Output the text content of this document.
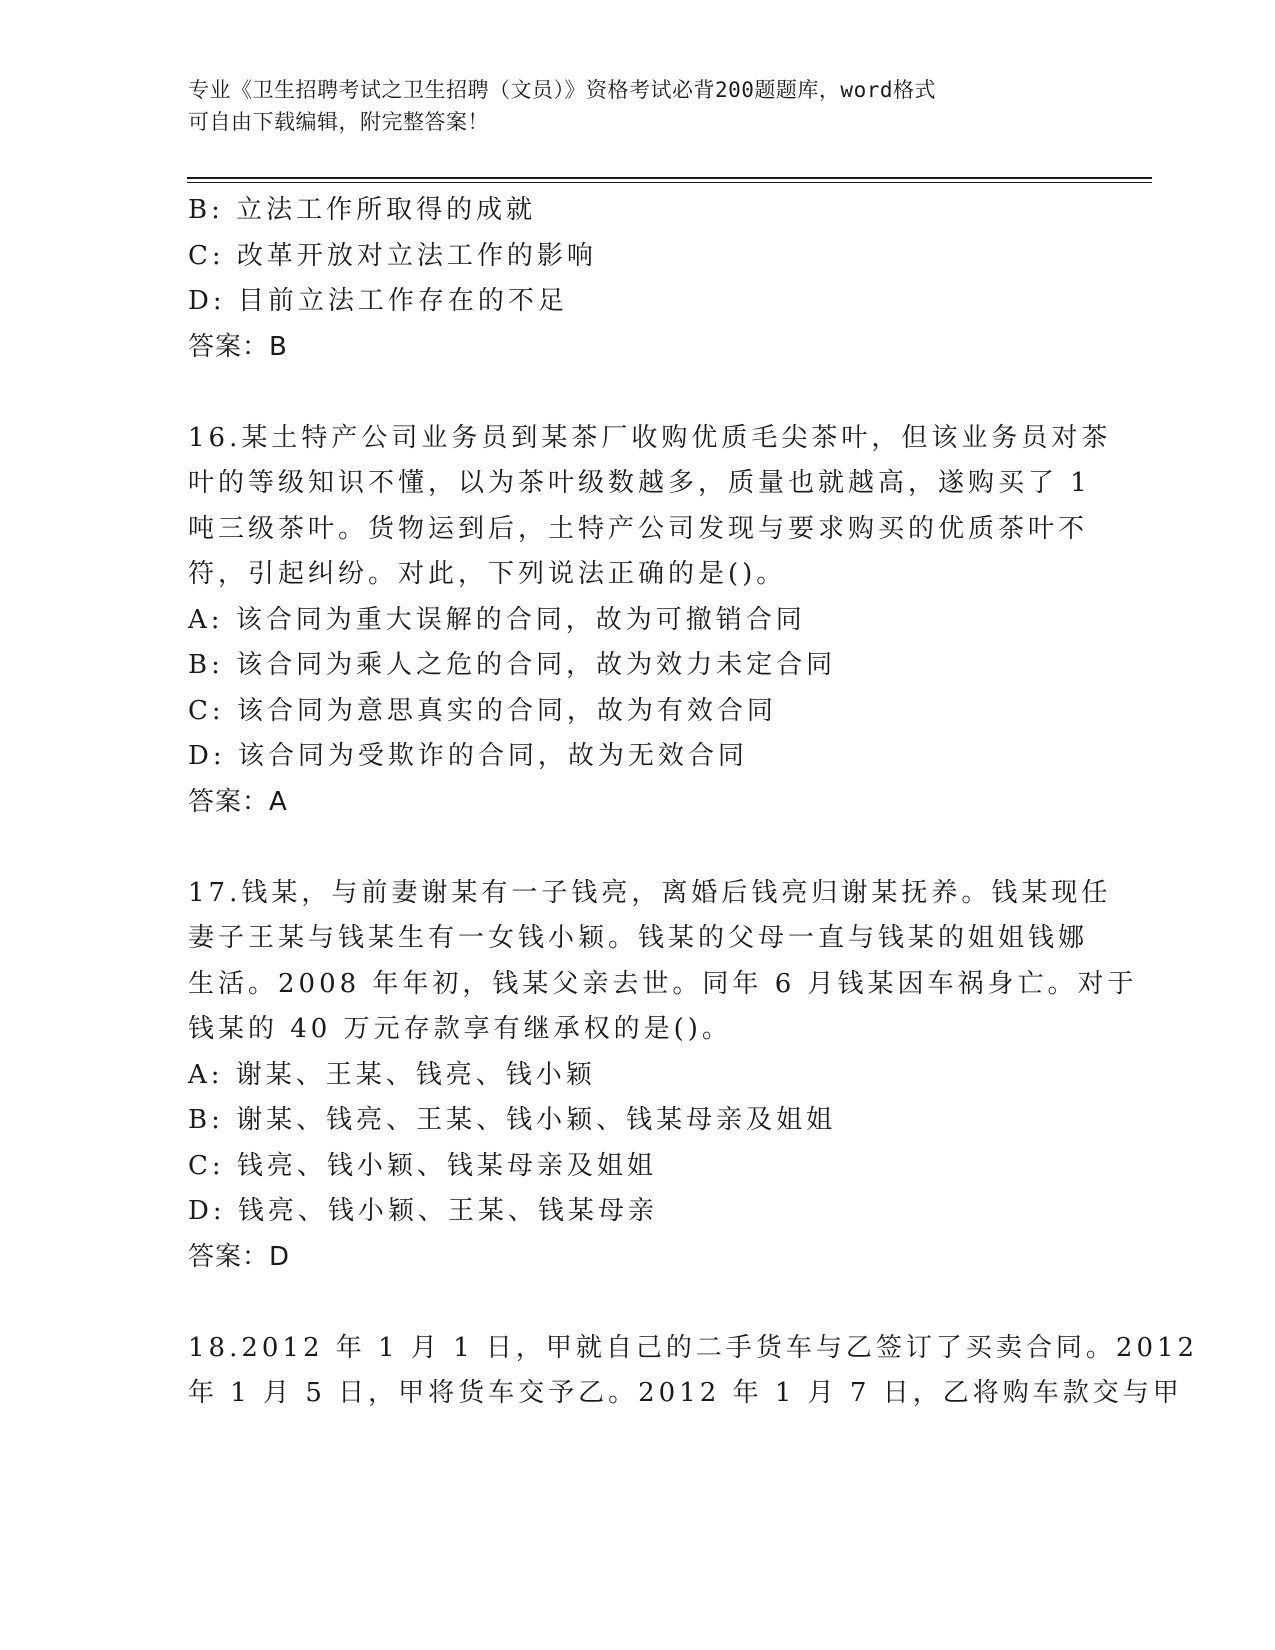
专业《卫生招聘考试之卫生招聘（文员）》资格考试必背200题题库，word格式
可自由下载编辑，附完整答案！
B: 立法工作所取得的成就
C: 改革开放对立法工作的影响
D: 目前立法工作存在的不足
答案：B
16.某土特产公司业务员到某茶厂收购优质毛尖茶叶，但该业务员对茶
叶的等级知识不懂，以为茶叶级数越多，质量也就越高，遂购买了 1
吨三级茶叶。货物运到后，土特产公司发现与要求购买的优质茶叶不
符，引起纠纷。对此，下列说法正确的是()。
A: 该合同为重大误解的合同，故为可撤销合同
B: 该合同为乘人之危的合同，故为效力未定合同
C: 该合同为意思真实的合同，故为有效合同
D: 该合同为受欺诈的合同，故为无效合同
答案：A
17.钱某，与前妻谢某有一子钱亮，离婚后钱亮归谢某抚养。钱某现任
妻子王某与钱某生有一女钱小颖。钱某的父母一直与钱某的姐姐钱娜
生活。2008 年年初，钱某父亲去世。同年 6 月钱某因车祸身亡。对于
钱某的 40 万元存款享有继承权的是()。
A: 谢某、王某、钱亮、钱小颖
B: 谢某、钱亮、王某、钱小颖、钱某母亲及姐姐
C: 钱亮、钱小颖、钱某母亲及姐姐
D: 钱亮、钱小颖、王某、钱某母亲
答案：D
18.2012 年 1 月 1 日，甲就自己的二手货车与乙签订了买卖合同。2012
年 1 月 5 日，甲将货车交予乙。2012 年 1 月 7 日，乙将购车款交与甲
